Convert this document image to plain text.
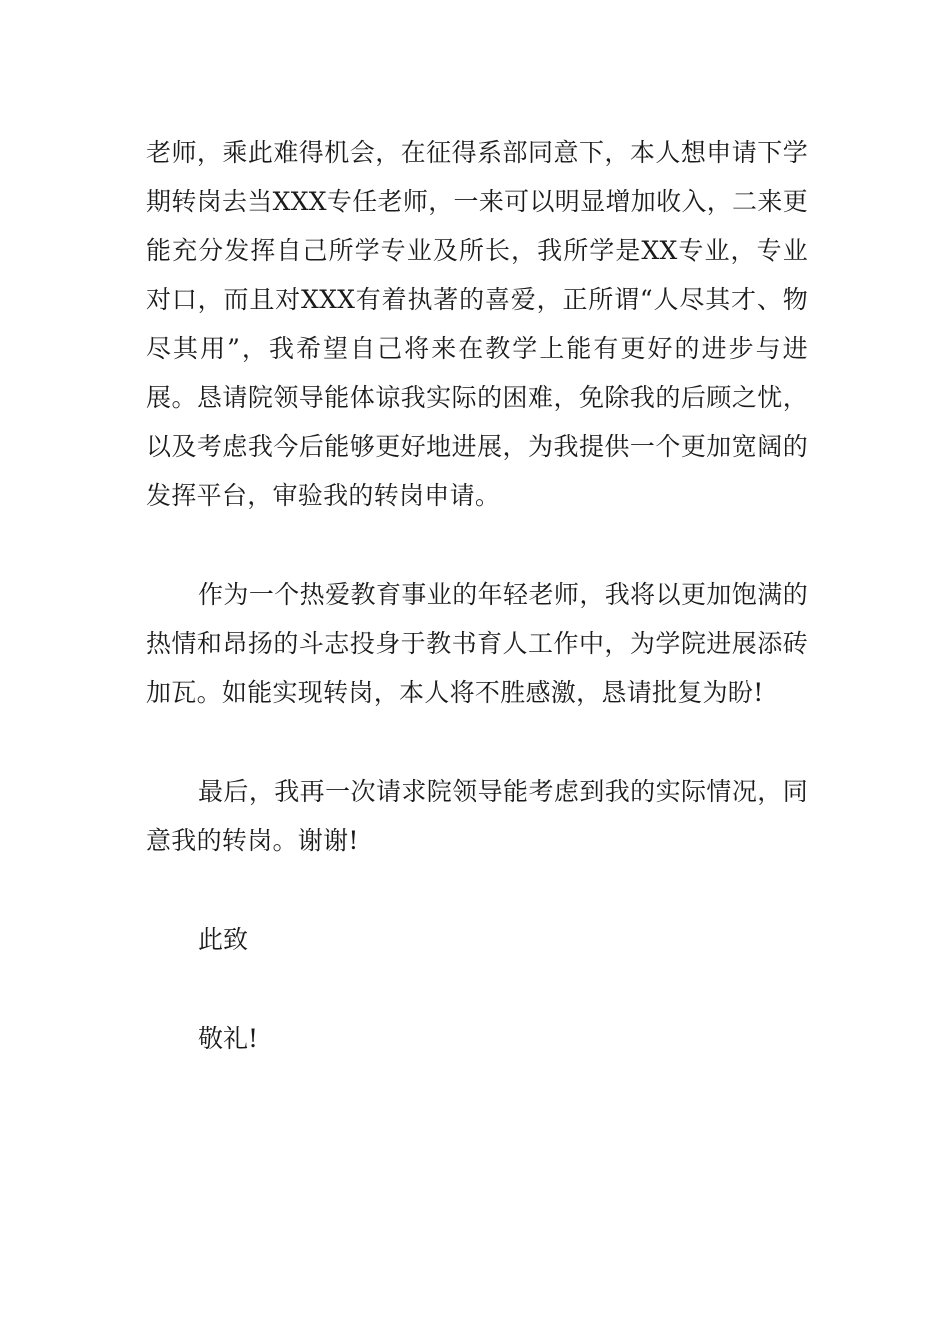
老师，乘此难得机会，在征得系部同意下，本人想申请下学期转岗去当XXX专任老师，一来可以明显增加收入，二来更能充分发挥自己所学专业及所长，我所学是XX专业，专业对口，而且对XXX有着执著的喜爱，正所谓“人尽其才、物尽其用”，我希望自己将来在教学上能有更好的进步与进展。恳请院领导能体谅我实际的困难，免除我的后顾之忧，以及考虑我今后能够更好地进展，为我提供一个更加宽阔的发挥平台，审验我的转岗申请。

作为一个热爱教育事业的年轻老师，我将以更加饱满的热情和昂扬的斗志投身于教书育人工作中，为学院进展添砖加瓦。如能实现转岗，本人将不胜感激，恳请批复为盼!

最后，我再一次请求院领导能考虑到我的实际情况，同意我的转岗。谢谢!

此致

敬礼!
